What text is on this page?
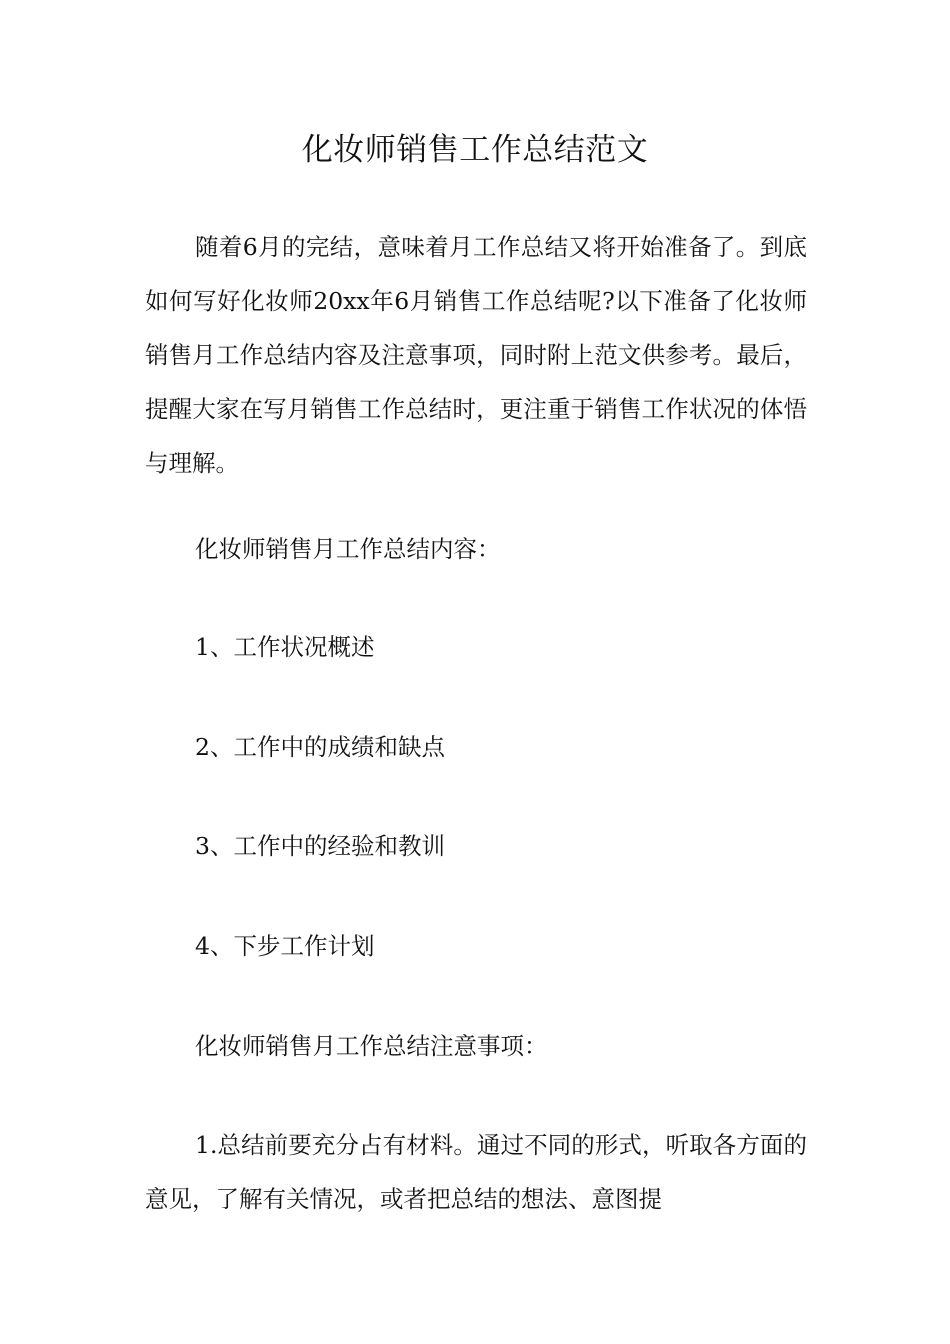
化妆师销售工作总结范文

随着6月的完结，意味着月工作总结又将开始准备了。到底如何写好化妆师20xx年6月销售工作总结呢?以下准备了化妆师销售月工作总结内容及注意事项，同时附上范文供参考。最后，提醒大家在写月销售工作总结时，更注重于销售工作状况的体悟与理解。

化妆师销售月工作总结内容：

1、工作状况概述

2、工作中的成绩和缺点

3、工作中的经验和教训

4、下步工作计划

化妆师销售月工作总结注意事项：

1.总结前要充分占有材料。通过不同的形式，听取各方面的意见，了解有关情况，或者把总结的想法、意图提
